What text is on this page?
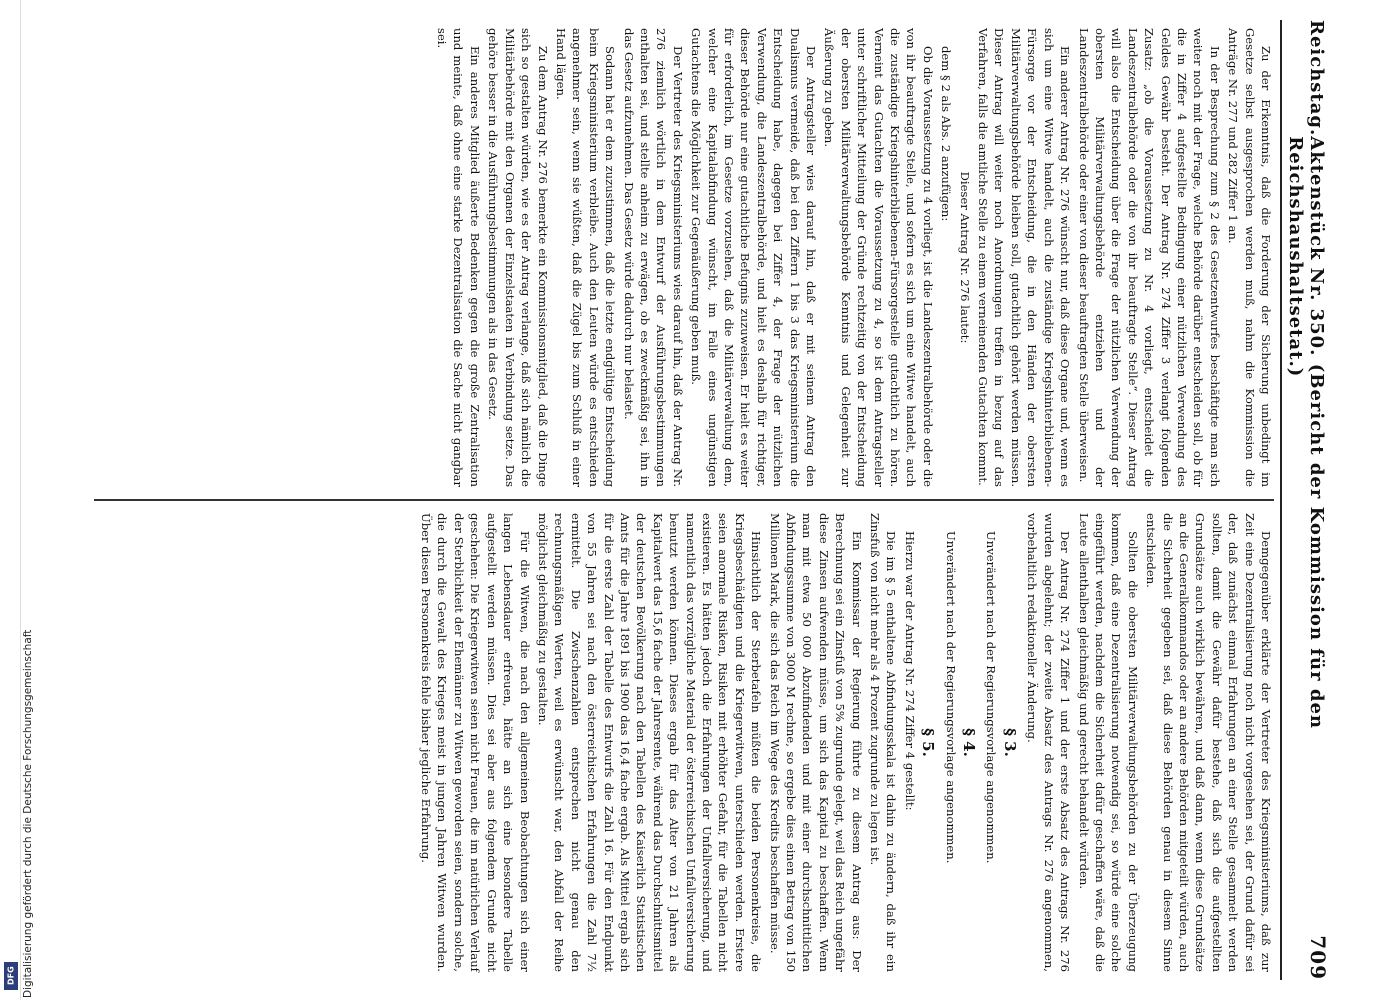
Reichstag.
Aktenstück Nr. 350. (Bericht der Kommission für den Reichshaushaltsetat.)
709

Zu der Erkenntnis, daß die Forderung der Sicherung unbedingt im Gesetze selbst ausgesprochen werden muß, nahm die Kommission die Anträge Nr. 277 und 282 Ziffer 1 an.

In der Besprechung zum § 2 des Gesetzentwurfes beschäftigte man sich weiter noch mit der Frage, welche Behörde darüber entscheiden soll, ob für die in Ziffer 4 aufgestellte Bedingung einer nützlichen Verwendung des Geldes Gewähr besteht. Der Antrag Nr. 274 Ziffer 3 verlangt folgenden Zusatz: „ob die Voraussetzung zu Nr. 4 vorliegt, entscheidet die Landeszentralbehörde oder die von ihr beauftragte Stelle“. Dieser Antrag will also die Entscheidung über die Frage der nützlichen Verwendung der obersten Militärverwaltungsbehörde entziehen und der Landeszentralbehörde oder einer von dieser beauftragten Stelle überweisen.

Ein anderer Antrag Nr. 276 wünscht nur, daß diese Organe und, wenn es sich um eine Witwe handelt, auch die zuständige Kriegshinterbliebenen-Fürsorge vor der Entscheidung, die in den Händen der obersten Militärverwaltungsbehörde bleiben soll, gutachtlich gehört werden müssen. Dieser Antrag will weiter noch Anordnungen treffen in bezug auf das Verfahren, falls die amtliche Stelle zu einem verneinenden Gutachten kommt.

Dieser Antrag Nr. 276 lautet:

dem § 2 als Abs. 2 anzufügen:

Ob die Voraussetzung zu 4 vorliegt, ist die Landeszentralbehörde oder die von ihr beauftragte Stelle, und sofern es sich um eine Witwe handelt, auch die zuständige Kriegshinterbliebenen-Fürsorgestelle gutachtlich zu hören. Verneint das Gutachten die Voraussetzung zu 4, so ist dem Antragsteller unter schriftlicher Mitteilung der Gründe rechtzeitig von der Entscheidung der obersten Militärverwaltungsbehörde Kenntnis und Gelegenheit zur Äußerung zu geben.

Der Antragsteller wies darauf hin, daß er mit seinem Antrag den Dualismus vermeide, daß bei den Ziffern 1 bis 3 das Kriegsministerium die Entscheidung habe, dagegen bei Ziffer 4, der Frage der nützlichen Verwendung, die Landeszentralbehörde, und hielt es deshalb für richtiger, dieser Behörde nur eine gutachtliche Befugnis zuzuweisen. Er hielt es weiter für erforderlich, im Gesetze vorzusehen, daß die Militärverwaltung dem, welcher eine Kapitalabfindung wünscht, im Falle eines ungünstigen Gutachtens die Möglichkeit zur Gegenäußerung geben muß.

Der Vertreter des Kriegsministeriums wies darauf hin, daß der Antrag Nr. 276 ziemlich wörtlich in dem Entwurf der Ausführungsbestimmungen enthalten sei, und stellte anheim zu erwägen, ob es zweckmäßig sei, ihn in das Gesetz aufzunehmen. Das Gesetz würde dadurch nur belastet.

Sodann hat er dem zuzustimmen, daß die letzte endgültige Entscheidung beim Kriegsministerium verbleibe. Auch den Leuten würde es entschieden angenehmer sein, wenn sie wüßten, daß die Zügel bis zum Schluß in einer Hand lägen.

Zu dem Antrag Nr. 276 bemerkte ein Kommissionsmitglied, daß die Dinge sich so gestalten würden, wie es der Antrag verlange, daß sich nämlich die Militärbehörde mit den Organen der Einzelstaaten in Verbindung setze. Das gehöre besser in die Ausführungsbestimmungen als in das Gesetz.

Ein anderes Mitglied äußerte Bedenken gegen die große Zentralisation und meinte, daß ohne eine starke Dezentralisation die Sache nicht gangbar sei.

Demgegenüber erklärte der Vertreter des Kriegsministeriums, daß zur Zeit eine Dezentralisierung noch nicht vorgesehen sei, der Grund dafür sei der, daß zunächst einmal Erfahrungen an einer Stelle gesammelt werden sollten, damit die Gewähr dafür bestehe, daß sich die aufgestellten Grundsätze auch wirklich bewähren, und daß dann, wenn diese Grundsätze an die Generalkommandos oder an andere Behörden mitgeteilt würden, auch die Sicherheit gegeben sei, daß diese Behörden genau in diesem Sinne entschieden.

Sollten die obersten Militärverwaltungsbehörden zu der Überzeugung kommen, daß eine Dezentralisierung notwendig sei, so würde eine solche eingeführt werden, nachdem die Sicherheit dafür geschaffen wäre, daß die Leute allenthalben gleichmäßig und gerecht behandelt würden.

Der Antrag Nr. 274 Ziffer 1 und der erste Absatz des Antrags Nr. 276 wurden abgelehnt; der zweite Absatz des Antrags Nr. 276 angenommen, vorbehaltlich redaktioneller Änderung.

§ 3.

Unverändert nach der Regierungsvorlage angenommen.

§ 4.

Unverändert nach der Regierungsvorlage angenommen.

§ 5.

Hierzu war der Antrag Nr. 274 Ziffer 4 gestellt:

Die im § 5 enthaltene Abfindungsskala ist dahin zu ändern, daß ihr ein Zinsfuß von nicht mehr als 4 Prozent zugrunde zu legen ist.

Ein Kommissar der Regierung führte zu diesem Antrag aus: Der Berechnung sei ein Zinsfuß von 5% zugrunde gelegt, weil das Reich ungefähr diese Zinsen aufwenden müsse, um sich das Kapital zu beschaffen. Wenn man mit etwa 50 000 Abzufindenden und mit einer durchschnittlichen Abfindungssumme von 3000 M rechne, so ergebe dies einen Betrag von 150 Millionen Mark, die sich das Reich im Wege des Kredits beschaffen müsse.

Hinsichtlich der Sterbetafeln müßten die beiden Personenkreise, die Kriegsbeschädigten und die Kriegerwitwen, unterschieden werden. Erstere seien anormale Risiken, Risiken mit erhöhter Gefahr, für die Tabellen nicht existieren. Es hätten jedoch die Erfahrungen der Unfallversicherung, und namentlich das vorzügliche Material der österreichischen Unfallversicherung benutzt werden können. Dieses ergab für das Alter von 21 Jahren als Kapitalwert das 15,6 fache der Jahresrente, während das Durchschnittsmittel der deutschen Bevölkerung nach den Tabellen des Kaiserlich Statistischen Amts für die Jahre 1891 bis 1900 das 16,4 fache ergab. Als Mittel ergab sich für die erste Zahl der Tabelle des Entwurfs die Zahl 16. Für den Endpunkt von 55 Jahren sei nach den österreichischen Erfahrungen die Zahl 7½ ermittelt. Die Zwischenzahlen entsprechen nicht genau den rechnungsmäßigen Werten, weil es erwünscht war, den Abfall der Reihe möglichst gleichmäßig zu gestalten.

Für die Witwen, die nach den allgemeinen Beobachtungen sich einer langen Lebensdauer erfreuen, hätte an sich eine besondere Tabelle aufgestellt werden müssen. Dies sei aber aus folgendem Grunde nicht geschehen: Die Kriegerwitwen seien nicht Frauen, die im natürlichen Verlauf der Sterblichkeit der Ehemänner zu Witwen geworden seien, sondern solche, die durch die Gewalt des Krieges meist in jungen Jahren Witwen wurden. Über diesen Personenkreis fehle bisher jegliche Erfahrung.

Digitalisierung gefördert durch die Deutsche Forschungsgemeinschaft
DFG
